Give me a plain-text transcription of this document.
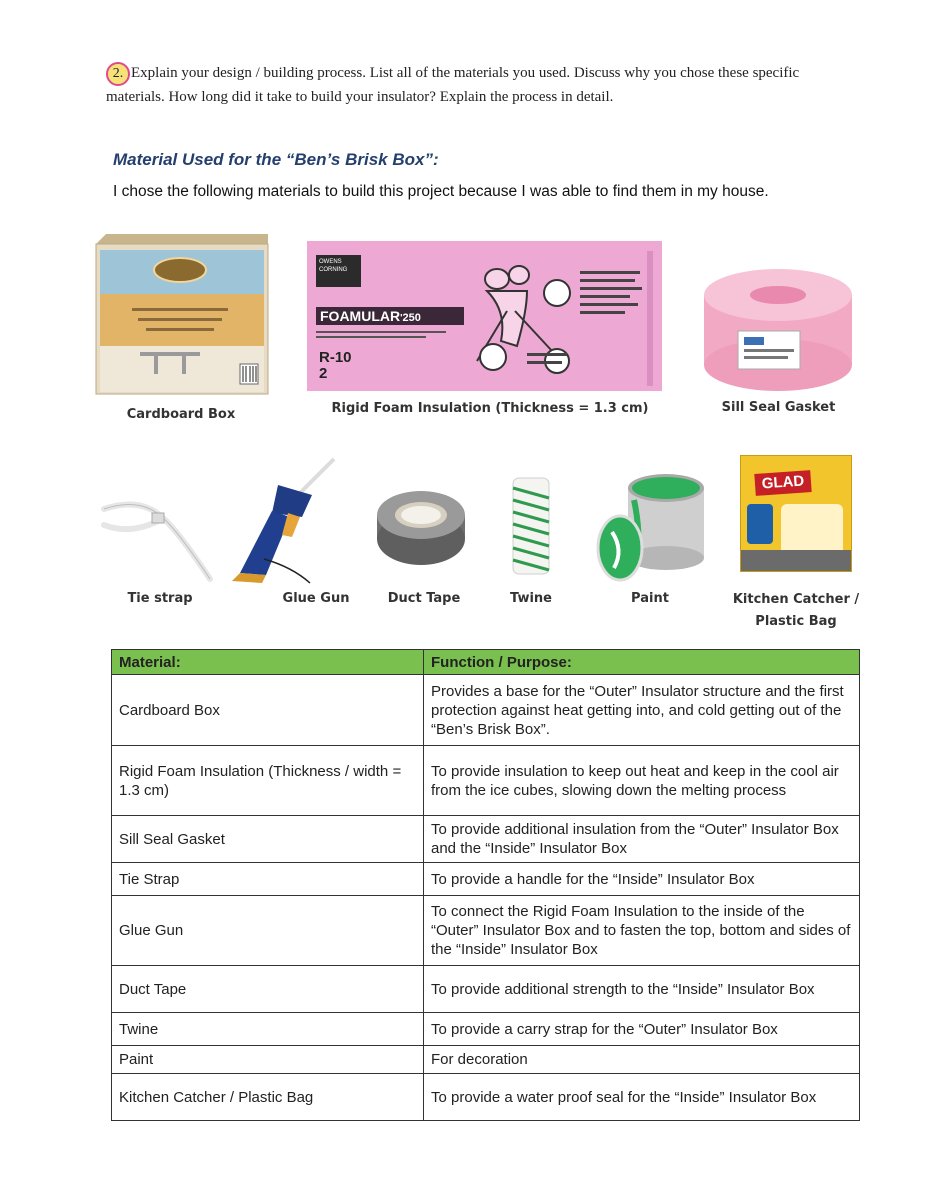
2. Explain your design / building process. List all of the materials you used. Discuss why you chose these specific materials. How long did it take to build your insulator? Explain the process in detail.
Material Used for the “Ben’s Brisk Box”:
I chose the following materials to build this project because I was able to find them in my house.
Cardboard Box
OWENS CORNING
FOAMULAR'250
R-10
2
Rigid Foam Insulation (Thickness = 1.3 cm)	Sill Seal Gasket
Tie strap	Glue Gun	Duct Tape	Twine	Paint
GLAD
Kitchen Catcher /
Plastic Bag
Material:	Function / Purpose:
Cardboard Box	Provides a base for the “Outer” Insulator structure and the first protection against heat getting into, and cold getting out of the “Ben’s Brisk Box”.
Rigid Foam Insulation (Thickness / width = 1.3 cm)	To provide insulation to keep out heat and keep in the cool air from the ice cubes, slowing down the melting process
Sill Seal Gasket	To provide additional insulation from the “Outer” Insulator Box and the “Inside” Insulator Box
Tie Strap	To provide a handle for the “Inside” Insulator Box
Glue Gun	To connect the Rigid Foam Insulation to the inside of the “Outer” Insulator Box and to fasten the top, bottom and sides of the “Inside” Insulator Box
Duct Tape	To provide additional strength to the “Inside” Insulator Box
Twine	To provide a carry strap for the “Outer” Insulator Box
Paint	For decoration
Kitchen Catcher / Plastic Bag	To provide a water proof seal for the “Inside” Insulator Box
